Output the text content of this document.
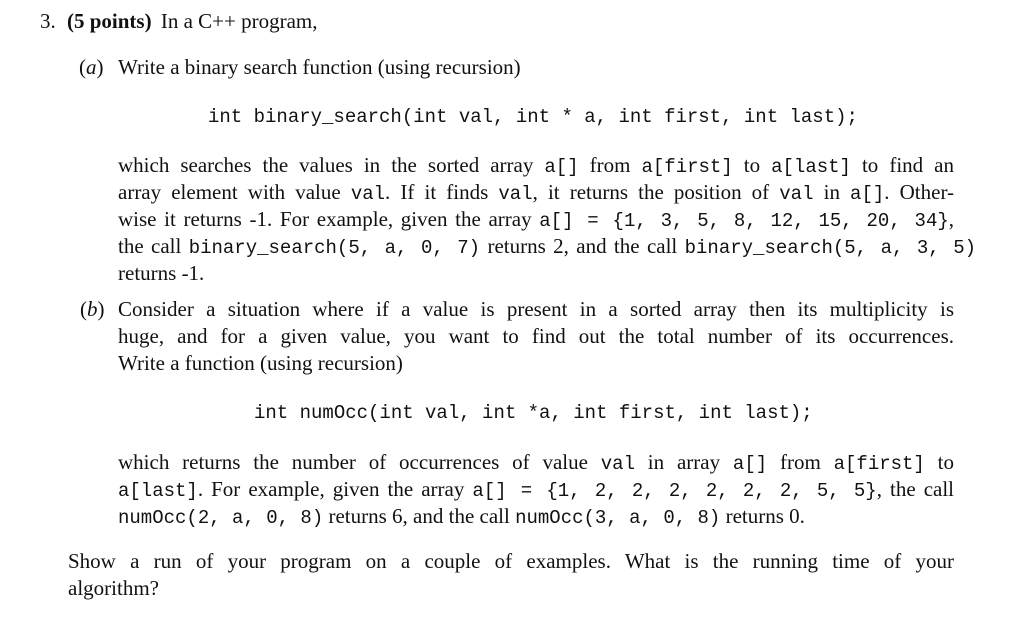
3. (5 points) In a C++ program,
(a) Write a binary search function (using recursion)
int binary_search(int val, int * a, int first, int last);
which searches the values in the sorted array a[] from a[first] to a[last] to find an
array element with value val. If it finds val, it returns the position of val in a[]. Other-
wise it returns -1. For example, given the array a[] = {1, 3, 5, 8, 12, 15, 20, 34},
the call binary_search(5, a, 0, 7) returns 2, and the call binary_search(5, a, 3, 5)
returns -1.
(b) Consider a situation where if a value is present in a sorted array then its multiplicity is
huge, and for a given value, you want to find out the total number of its occurrences.
Write a function (using recursion)
int numOcc(int val, int *a, int first, int last);
which returns the number of occurrences of value val in array a[] from a[first] to
a[last]. For example, given the array a[] = {1, 2, 2, 2, 2, 2, 2, 5, 5}, the call
numOcc(2, a, 0, 8) returns 6, and the call numOcc(3, a, 0, 8) returns 0.
Show a run of your program on a couple of examples. What is the running time of your
algorithm?
